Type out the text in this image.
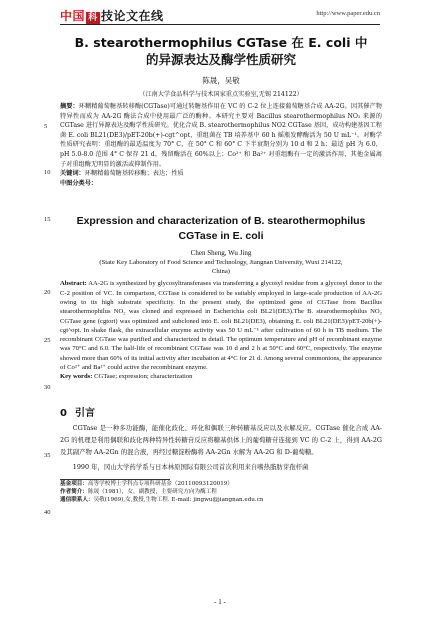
中国 科 技论文在线	http://www.paper.edu.cn
5
10
15
20
25
30
35
40
B. stearothermophilus CGTase 在 E. coli 中
的异源表达及酶学性质研究
陈晟，吴敬
（江南大学食品科学与技术国家重点实验室,无锡 214122）
摘要：环糊精葡萄糖基转移酶(CGTase)可通过转糖基作用在 VC 的 C-2 位上连接葡萄糖基合成 AA-2G。因其催产物特异性而成为 AA-2G 酶法合成中使用最广泛的酶种。本研究主要对 Bacillus stearothermophilus NO₂ 来源的 CGTase 进行异源表达及酶学性质研究。优化合成 B. stearothermophilus NO2 CGTase 基因，成功构建基因工程菌 E. coli BL21(DE3)/pET-20b(+)-cgt^opt，重组菌在 TB 培养基中 60 h 摇瓶发酵酶活为 50 U mL⁻¹。对酶学性质研究表明：重组酶的最适温度为 70° C，在 50° C 和 60° C 下半衰期分别为 10 d 和 2 h；最适 pH 为 6.0，pH 5.0-8.0 范围 4° C 保存 21 d，残留酶活在 60%以上；Co²⁺ 和 Ba²⁺ 对重组酶有一定的激活作用，其他金属离子对重组酶无明显的激活或抑制作用。
关键词：环糊精葡萄糖基转移酶；表达；性质
中图分类号：
Expression and characterization of B. stearothermophilus
CGTase in E. coli
Chen Sheng, Wu Jing
(State Key Laboratory of Food Science and Technology, Jiangnan University, Wuxi 214122,
China)
Abstract: AA-2G is synthesized by glycosyltransferases via transferring a glycosyl residue from a glycosyl donor to the C-2 position of VC. In comparison, CGTase is considered to be suitably employed in large-scale production of AA-2G owing to its high substrate specificity. In the present study, the optimized gene of CGTase from Bacillus stearothermophilus NO₂ was cloned and expressed in Escherichia coli BL21(DE3).The B. stearothermophilus NO₂ CGTase gene (cgtori) was optimized and subcloned into E. coli BL21(DE3), obtaining E. coli BL21(DE3)/pET-20b(+)-cgt^opt. In shake flask, the extracellular enzyme activity was 50 U mL⁻¹ after cultivation of 60 h in TB medium. The recombinant CGTase was purified and characterized in detail. The optimum temperature and pH of recombinant enzyme was 70°C and 6.0. The half-life of recombinant CGTase was 10 d and 2 h at 50°C and 60°C, respectively. The enzyme showed more than 60% of its initial activity after incubation at 4°C for 21 d. Among several commonions, the appearance of Co²⁺ and Ba²⁺ could active the recombinant enzyme.
Key words: CGTase; expression; characterization
0 引言

CGTase 是一种多功能酶，能催化歧化、环化和偶联三种转糖基反应以及水解反应。CGTase 催化合成 AA-2G 的机理是利用偶联和歧化两种特异性转糖苷反应将糖基供体上的葡萄糖苷连接到 VC 的 C-2 上，得到 AA-2G 及其副产物 AA-2Gn 的混合液，再经过糖淀粉酶将 AA-2Gn 水解为 AA-2G 和 D-葡萄糖。

1990 年，冈山大学药学系与日本林原国际有限公司首次利用来自嗜热脂肪芽孢杆菌

基金项目：高等学校博士学科点专项科研基金（20110093120019）
作者简介：陈晟（1981），女，副教授，主要研究方向为酶工程
通信联系人：吴敬(1969),女,教授,生物工程. E-mail: jingwu@jiangnan.edu.cn
- 1 -
